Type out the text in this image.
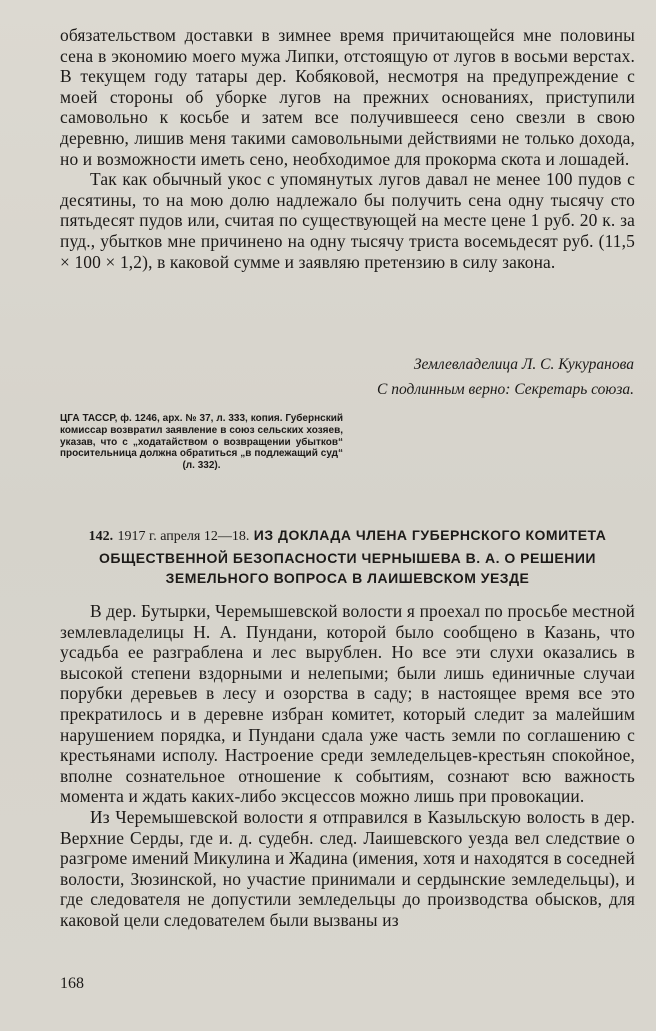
обязательством доставки в зимнее время причитающейся мне половины сена в экономию моего мужа Липки, отстоящую от лугов в восьми верстах. В текущем году татары дер. Кобяковой, несмотря на предупреждение с моей стороны об уборке лугов на прежних основаниях, приступили самовольно к косьбе и затем все получившееся сено свезли в свою деревню, лишив меня такими самовольными действиями не только дохода, но и возможности иметь сено, необходимое для прокорма скота и лошадей.

Так как обычный укос с упомянутых лугов давал не менее 100 пудов с десятины, то на мою долю надлежало бы получить сена одну тысячу сто пятьдесят пудов или, считая по существующей на месте цене 1 руб. 20 к. за пуд., убытков мне причинено на одну тысячу триста восемьдесят руб. (11,5 × 100 × 1,2), в каковой сумме и заявляю претензию в силу закона.

Землевладелица Л. С. Кукуранова
С подлинным верно: Секретарь союза.
ЦГА ТАССР, ф. 1246, арх. № 37, л. 333, копия. Губернский комиссар возвратил заявление в союз сельских хозяев, указав, что с „ходатайством о возвращении убытков“ просительница должна обратиться „в подлежащий суд“ (л. 332).
142. 1917 г. апреля 12—18. ИЗ ДОКЛАДА ЧЛЕНА ГУБЕРНСКОГО КОМИТЕТА ОБЩЕСТВЕННОЙ БЕЗОПАСНОСТИ ЧЕРНЫШЕВА В. А. О РЕШЕНИИ ЗЕМЕЛЬНОГО ВОПРОСА В ЛАИШЕВСКОМ УЕЗДЕ

В дер. Бутырки, Черемышевской волости я проехал по просьбе местной землевладелицы Н. А. Пундани, которой было сообщено в Казань, что усадьба ее разграблена и лес вырублен. Но все эти слухи оказались в высокой степени вздорными и нелепыми; были лишь единичные случаи порубки деревьев в лесу и озорства в саду; в настоящее время все это прекратилось и в деревне избран комитет, который следит за малейшим нарушением порядка, и Пундани сдала уже часть земли по соглашению с крестьянами исполу. Настроение среди земледельцев-крестьян спокойное, вполне сознательное отношение к событиям, сознают всю важность момента и ждать каких-либо эксцессов можно лишь при провокации.

Из Черемышевской волости я отправился в Казыльскую волость в дер. Верхние Серды, где и. д. судебн. след. Лаишевского уезда вел следствие о разгроме имений Микулина и Жадина (имения, хотя и находятся в соседней волости, Зюзинской, но участие принимали и сердынские земледельцы), и где следователя не допустили земледельцы до производства обысков, для каковой цели следователем были вызваны из

168
